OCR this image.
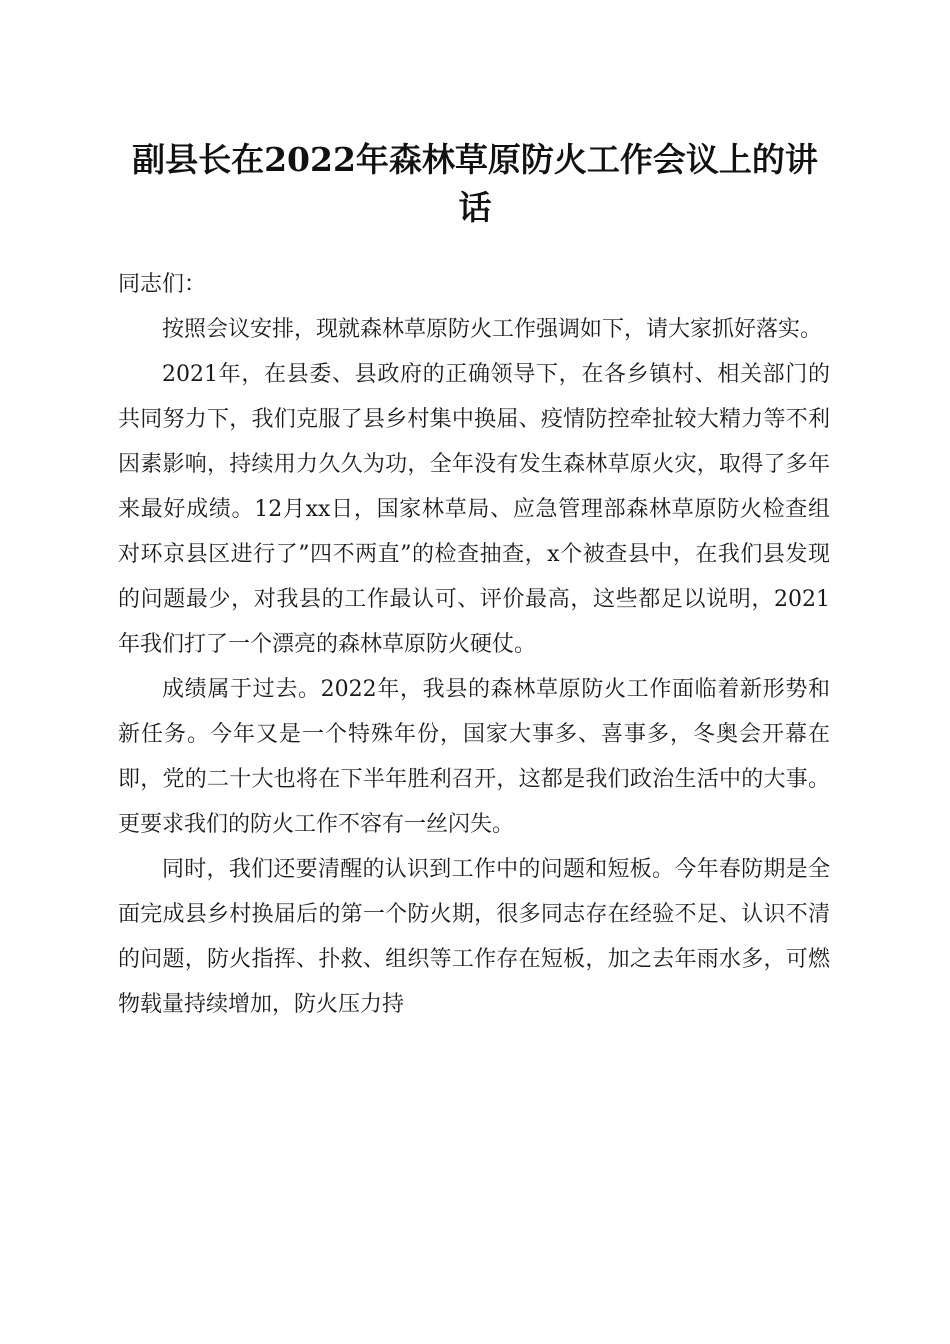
副县长在2022年森林草原防火工作会议上的讲话

同志们：

按照会议安排，现就森林草原防火工作强调如下，请大家抓好落实。

2021年，在县委、县政府的正确领导下，在各乡镇村、相关部门的共同努力下，我们克服了县乡村集中换届、疫情防控牵扯较大精力等不利因素影响，持续用力久久为功，全年没有发生森林草原火灾，取得了多年来最好成绩。12月xx日，国家林草局、应急管理部森林草原防火检查组对环京县区进行了”四不两直”的检查抽查，x个被查县中，在我们县发现的问题最少，对我县的工作最认可、评价最高，这些都足以说明，2021年我们打了一个漂亮的森林草原防火硬仗。

成绩属于过去。2022年，我县的森林草原防火工作面临着新形势和新任务。今年又是一个特殊年份，国家大事多、喜事多，冬奥会开幕在即，党的二十大也将在下半年胜利召开，这都是我们政治生活中的大事。更要求我们的防火工作不容有一丝闪失。

同时，我们还要清醒的认识到工作中的问题和短板。今年春防期是全面完成县乡村换届后的第一个防火期，很多同志存在经验不足、认识不清的问题，防火指挥、扑救、组织等工作存在短板，加之去年雨水多，可燃物载量持续增加，防火压力持
